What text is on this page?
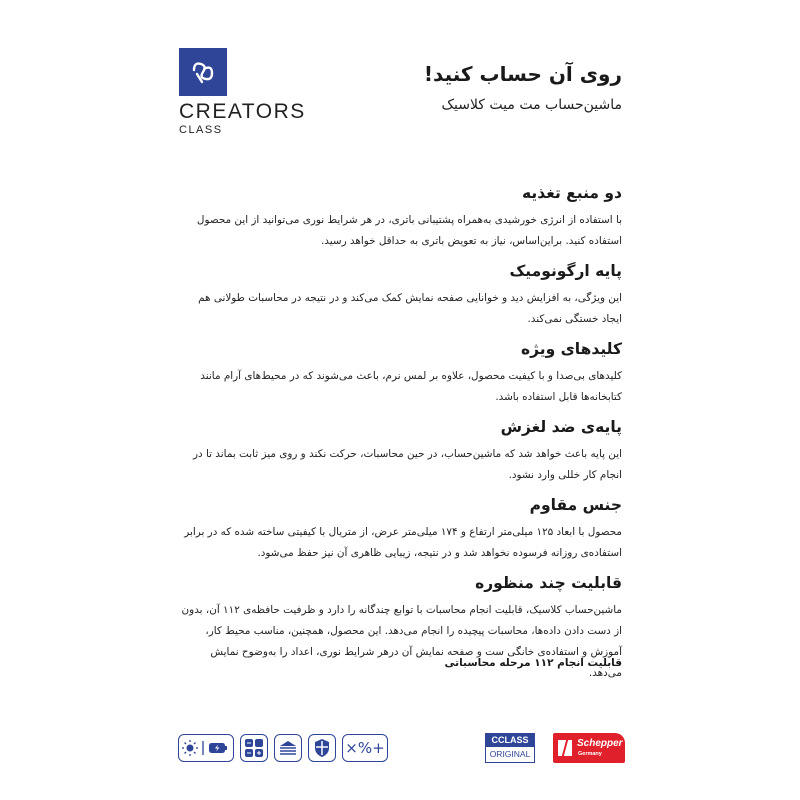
CREATORS
CLASS
روی آن حساب کنید!
ماشین‌حساب مت میت کلاسیک
دو منبع تغذیه

با استفاده از انرژی خورشیدی به‌همراه پشتیبانی باتری، در هر شرایط نوری می‌توانید از این محصول استفاده کنید. براین‌اساس، نیاز به تعویض باتری به حداقل خواهد رسید.

پایه ارگونومیک

این ویژگی، به افزایش دید و خوانایی صفحه نمایش کمک می‌کند و در نتیجه در محاسبات طولانی هم ایجاد خستگی نمی‌کند.

کلیدهای ویژه

کلیدهای بی‌صدا و با کیفیت محصول، علاوه بر لمس نرم، باعث می‌شوند که در محیط‌های آرام مانند کتابخانه‌ها قابل استفاده باشد.

پایه‌ی ضد لغزش

این پایه باعث خواهد شد که ماشین‌حساب، در حین محاسبات، حرکت نکند و روی میز ثابت بماند تا در انجام کار خللی وارد نشود.

جنس مقاوم

محصول با ابعاد ۱۲۵ میلی‌متر ارتفاع و ۱۷۴ میلی‌متر عرض، از متریال با کیفیتی ساخته شده که در برابر استفاده‌ی روزانه فرسوده نخواهد شد و در نتیجه، زیبایی ظاهری آن نیز حفظ می‌شود.

قابلیت چند منظوره

ماشین‌حساب کلاسیک، قابلیت انجام محاسبات با توابع چندگانه را دارد و ظرفیت حافظه‌ی ۱۱۲ آن، بدون از دست دادن داده‌ها، محاسبات پیچیده را انجام می‌دهد. این محصول، همچنین، مناسب محیط کار، آموزش و استفاده‌ی خانگی ست و صفحه نمایش آن درهر شرایط نوری، اعداد را به‌وضوح نمایش می‌دهد.

قابلیت انجام ۱۱۲ مرحله محاسباتی
×%+	CCLASS
ORIGINAL
Schepper
Germany
